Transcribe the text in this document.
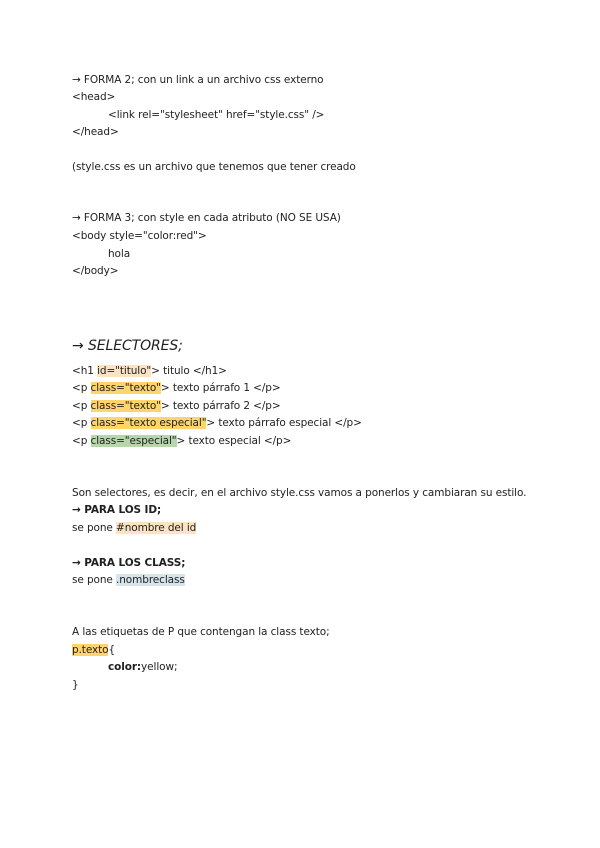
→ FORMA 2; con un link a un archivo css externo
<head>
<link rel="stylesheet" href="style.css" />
</head>
(style.css es un archivo que tenemos que tener creado
→ FORMA 3; con style en cada atributo (NO SE USA)
<body style="color:red">
hola
</body>
→ SELECTORES;
<h1 id="titulo"> titulo </h1>
<p class="texto"> texto párrafo 1 </p>
<p class="texto"> texto párrafo 2 </p>
<p class="texto especial"> texto párrafo especial </p>
<p class="especial"> texto especial </p>
Son selectores, es decir, en el archivo style.css vamos a ponerlos y cambiaran su estilo.
→ PARA LOS ID;
se pone #nombre del id
→ PARA LOS CLASS;
se pone .nombreclass
A las etiquetas de P que contengan la class texto;
p.texto{
color:yellow;
}
